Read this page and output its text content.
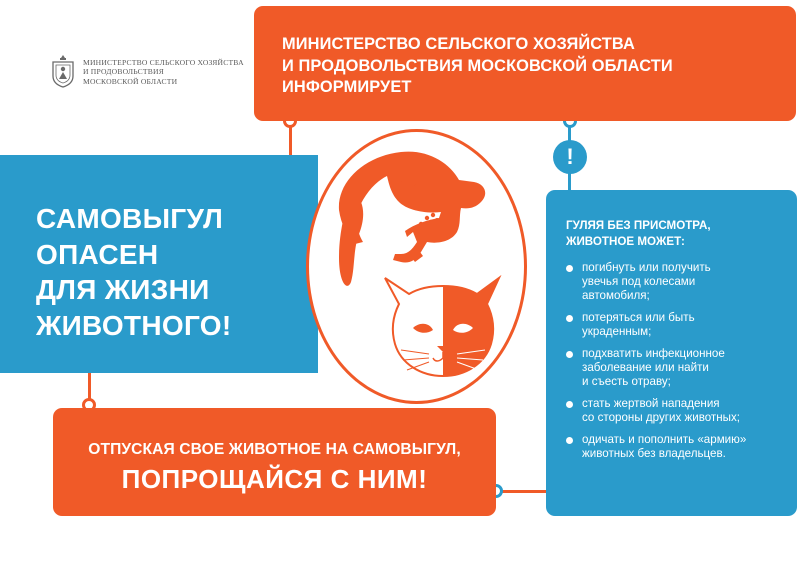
МИНИСТЕРСТВО СЕЛЬСКОГО ХОЗЯЙСТВА
И ПРОДОВОЛЬСТВИЯ
МОСКОВСКОЙ ОБЛАСТИ
МИНИСТЕРСТВО СЕЛЬСКОГО ХОЗЯЙСТВА
И ПРОДОВОЛЬСТВИЯ МОСКОВСКОЙ ОБЛАСТИ
ИНФОРМИРУЕТ
САМОВЫГУЛ
ОПАСЕН
ДЛЯ ЖИЗНИ
ЖИВОТНОГО!
ГУЛЯЯ БЕЗ ПРИСМОТРА,
ЖИВОТНОЕ МОЖЕТ:
погибнуть или получить
увечья под колесами
автомобиля;
потеряться или быть
украденным;
подхватить инфекционное
заболевание или найти
и съесть отраву;
стать жертвой нападения
со стороны других животных;
одичать и пополнить «армию»
животных без владельцев.
!
ОТПУСКАЯ СВОЕ ЖИВОТНОЕ НА САМОВЫГУЛ,
ПОПРОЩАЙСЯ С НИМ!
